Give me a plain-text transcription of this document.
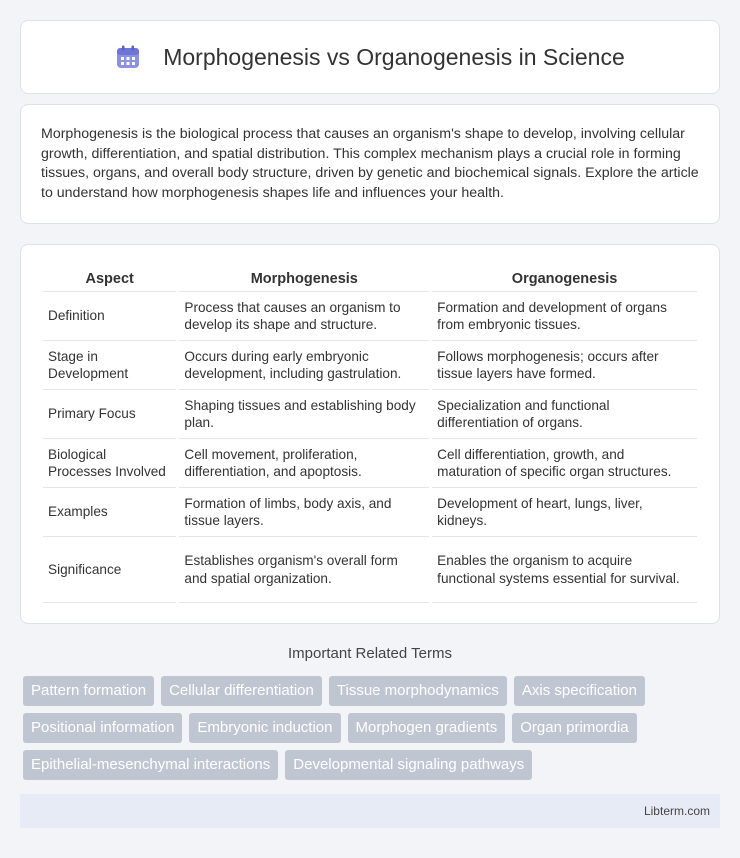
Morphogenesis vs Organogenesis in Science

Morphogenesis is the biological process that causes an organism's shape to develop, involving cellular growth, differentiation, and spatial distribution. This complex mechanism plays a crucial role in forming tissues, organs, and overall body structure, driven by genetic and biochemical signals. Explore the article to understand how morphogenesis shapes life and influences your health.

Aspect	Morphogenesis	Organogenesis
Definition	Process that causes an organism to develop its shape and structure.	Formation and development of organs from embryonic tissues.
Stage in Development	Occurs during early embryonic development, including gastrulation.	Follows morphogenesis; occurs after tissue layers have formed.
Primary Focus	Shaping tissues and establishing body plan.	Specialization and functional differentiation of organs.
Biological Processes Involved	Cell movement, proliferation, differentiation, and apoptosis.	Cell differentiation, growth, and maturation of specific organ structures.
Examples	Formation of limbs, body axis, and tissue layers.	Development of heart, lungs, liver, kidneys.
Significance	Establishes organism's overall form and spatial organization.	Enables the organism to acquire functional systems essential for survival.
Important Related Terms
Pattern formation	Cellular differentiation	Tissue morphodynamics	Axis specification
Positional information	Embryonic induction	Morphogen gradients	Organ primordia
Epithelial-mesenchymal interactions	Developmental signaling pathways
Libterm.com
